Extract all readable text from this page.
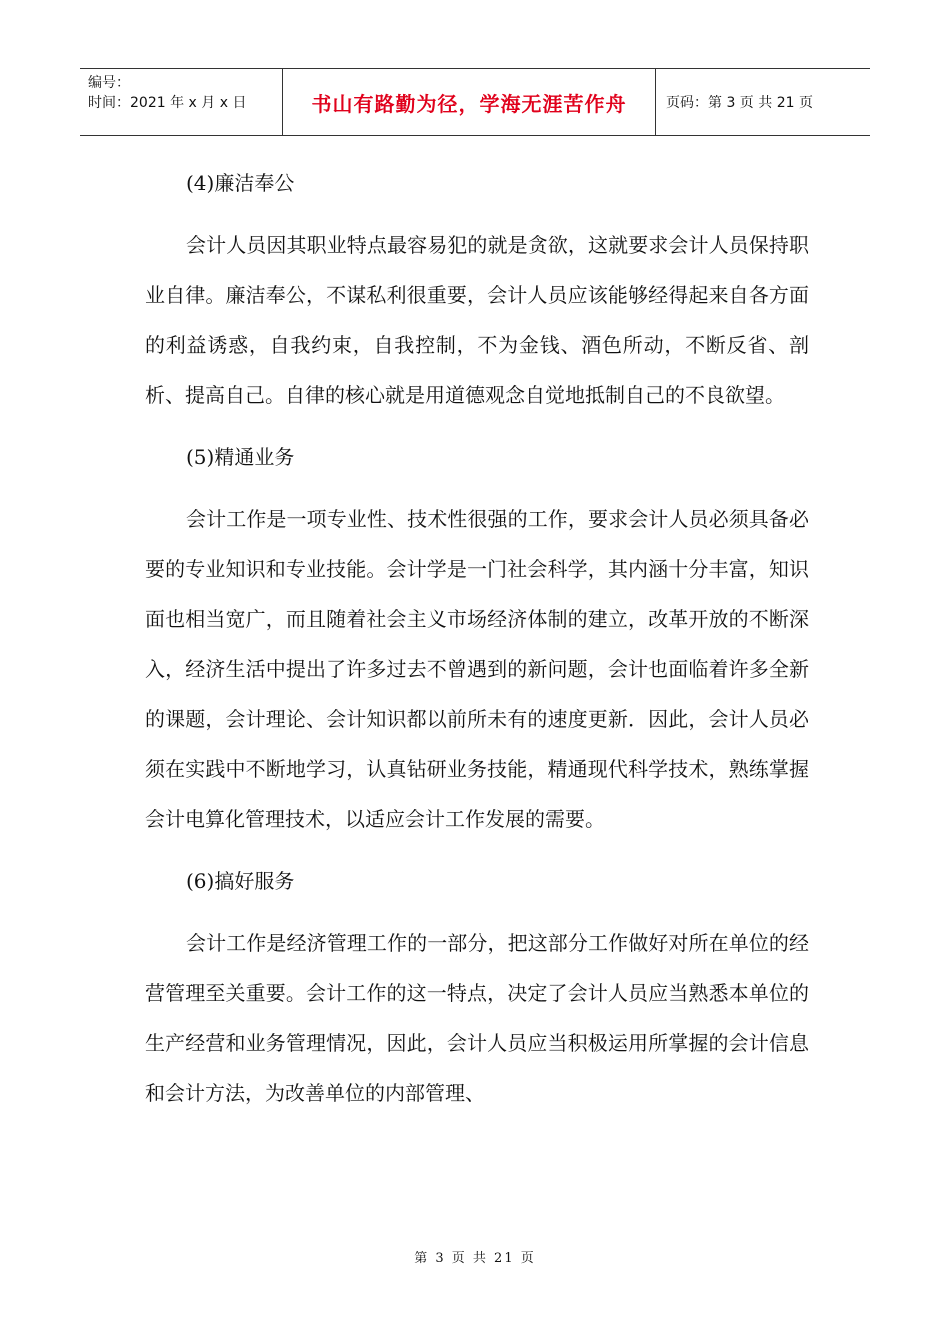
编号：
时间：2021 年 x 月 x 日	书山有路勤为径，学海无涯苦作舟	页码：第 3 页 共 21 页

(4)廉洁奉公

会计人员因其职业特点最容易犯的就是贪欲，这就要求会计人员保持职业自律。廉洁奉公，不谋私利很重要，会计人员应该能够经得起来自各方面的利益诱惑，自我约束，自我控制，不为金钱、酒色所动，不断反省、剖析、提高自己。自律的核心就是用道德观念自觉地抵制自己的不良欲望。

(5)精通业务

会计工作是一项专业性、技术性很强的工作，要求会计人员必须具备必要的专业知识和专业技能。会计学是一门社会科学，其内涵十分丰富，知识面也相当宽广，而且随着社会主义市场经济体制的建立，改革开放的不断深入，经济生活中提出了许多过去不曾遇到的新问题，会计也面临着许多全新的课题，会计理论、会计知识都以前所未有的速度更新．因此，会计人员必须在实践中不断地学习，认真钻研业务技能，精通现代科学技术，熟练掌握会计电算化管理技术，以适应会计工作发展的需要。

(6)搞好服务

会计工作是经济管理工作的一部分，把这部分工作做好对所在单位的经营管理至关重要。会计工作的这一特点，决定了会计人员应当熟悉本单位的生产经营和业务管理情况，因此，会计人员应当积极运用所掌握的会计信息和会计方法，为改善单位的内部管理、

第 3 页 共 21 页
